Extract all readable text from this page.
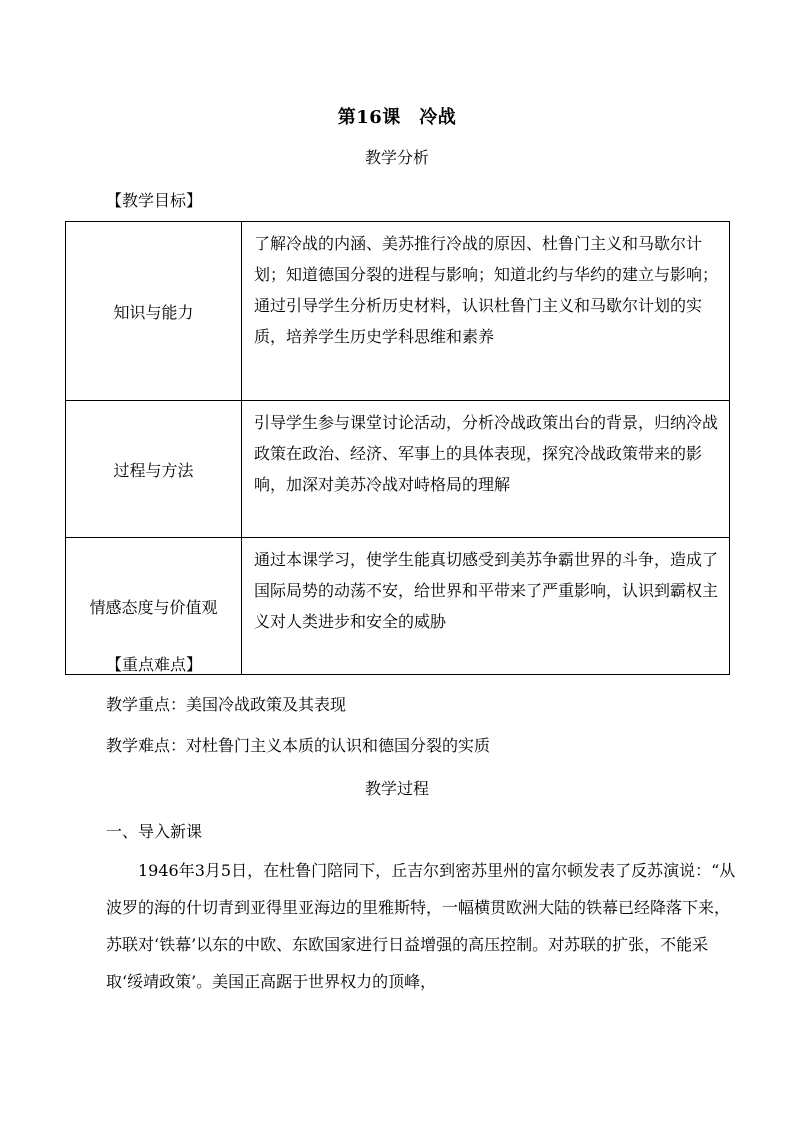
第16课　冷战
教学分析
【教学目标】
知识与能力	了解冷战的内涵、美苏推行冷战的原因、杜鲁门主义和马歇尔计划；知道德国分裂的进程与影响；知道北约与华约的建立与影响；通过引导学生分析历史材料，认识杜鲁门主义和马歇尔计划的实质，培养学生历史学科思维和素养
过程与方法	引导学生参与课堂讨论活动，分析冷战政策出台的背景，归纳冷战政策在政治、经济、军事上的具体表现，探究冷战政策带来的影响，加深对美苏冷战对峙格局的理解
情感态度与价值观	通过本课学习，使学生能真切感受到美苏争霸世界的斗争，造成了国际局势的动荡不安，给世界和平带来了严重影响，认识到霸权主义对人类进步和安全的威胁
【重点难点】
教学重点：美国冷战政策及其表现
教学难点：对杜鲁门主义本质的认识和德国分裂的实质
教学过程
一、导入新课
1946年3月5日，在杜鲁门陪同下，丘吉尔到密苏里州的富尔顿发表了反苏演说：“从波罗的海的什切青到亚得里亚海边的里雅斯特，一幅横贯欧洲大陆的铁幕已经降落下来，苏联对‘铁幕’以东的中欧、东欧国家进行日益增强的高压控制。对苏联的扩张，不能采取‘绥靖政策’。美国正高踞于世界权力的顶峰，
